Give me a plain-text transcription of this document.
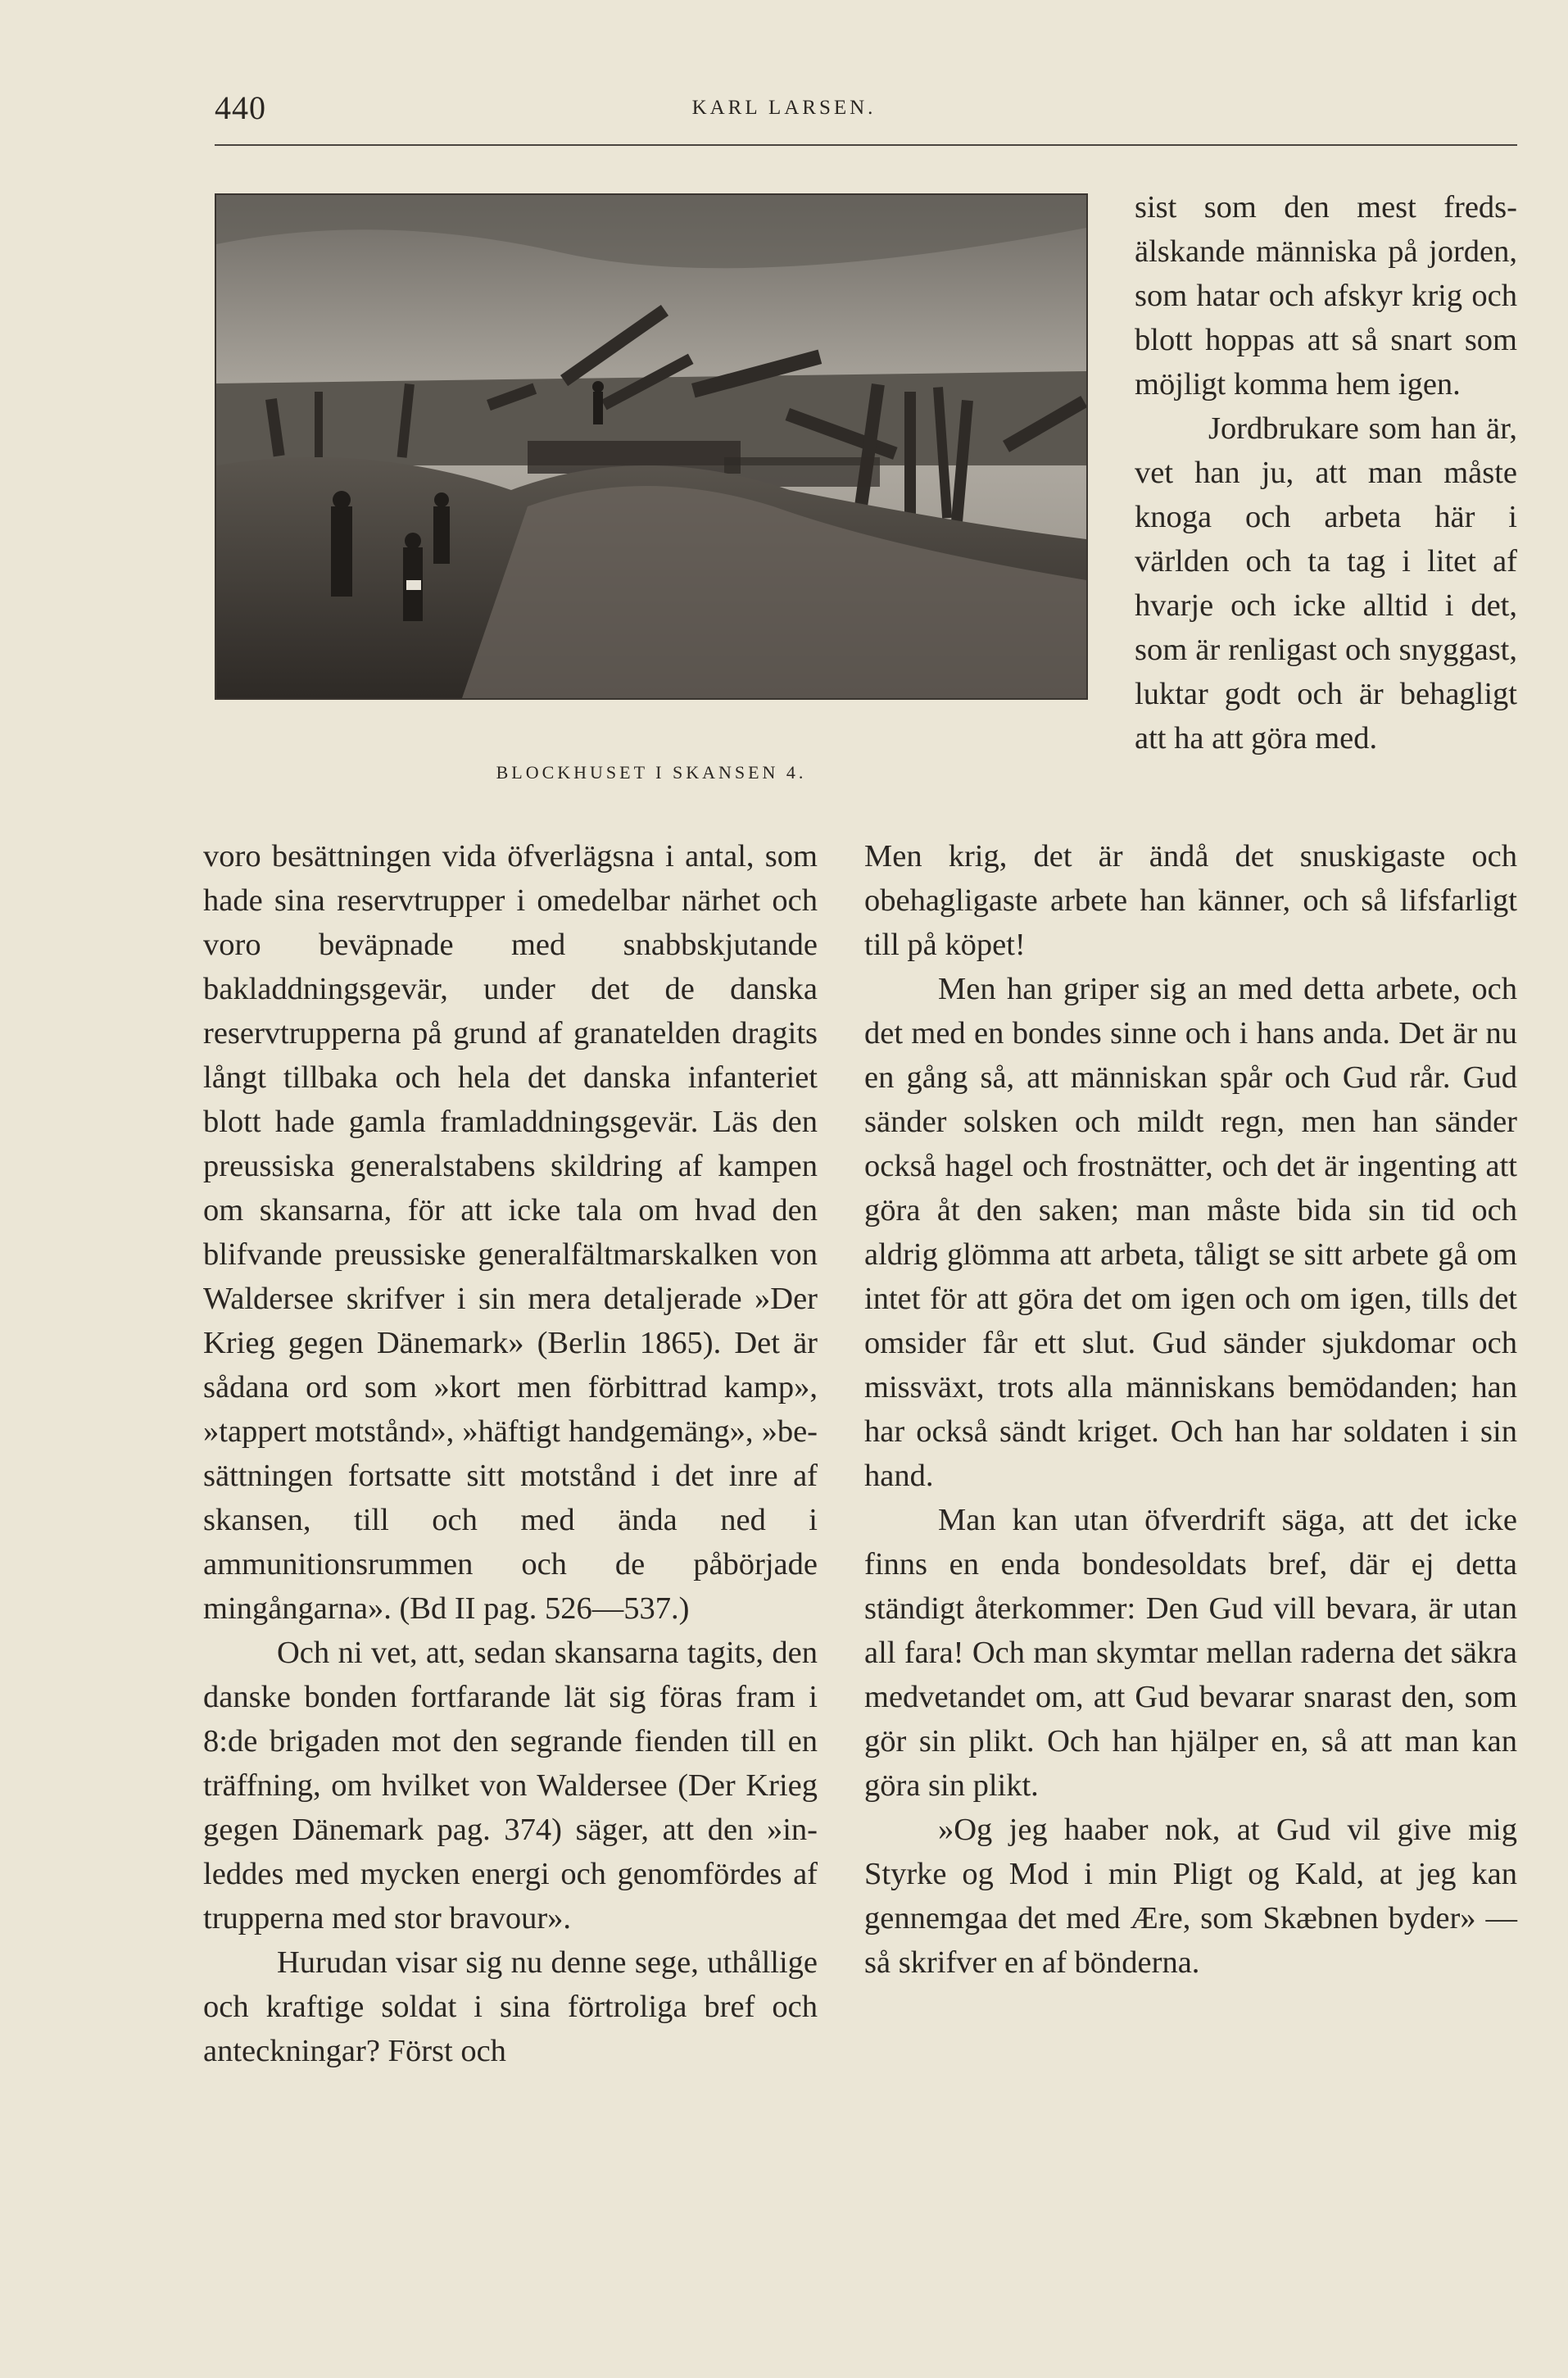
440	KARL LARSEN.
BLOCKHUSET I SKANSEN 4.

sist som den mest fredsälskande människa på jorden, som hatar och afskyr krig och blott hoppas att så snart som möjligt komma hem igen.

Jordbrukare som han är, vet han ju, att man måste knoga och arbeta här i världen och ta tag i litet af hvarje och icke alltid i det, som är renligast och snyggast, luktar godt och är behagligt att ha att göra med.

voro besättningen vida öfverlägsna i antal, som hade sina reservtrupper i omedelbar närhet och voro beväpnade med snabbskjutande bakladdningsgevär, under det de danska reservtrupperna på grund af granatelden dragits långt tillbaka och hela det danska infanteriet blott hade gamla framladdningsgevär. Läs den preussiska generalstabens skildring af kampen om skansarna, för att icke tala om hvad den blifvande preussiske generalfältmarskalken von Waldersee skrifver i sin mera detaljerade »Der Krieg gegen Dänemark» (Berlin 1865). Det är sådana ord som »kort men förbittrad kamp», »tappert motstånd», »häftigt handgemäng», »besättningen fortsatte sitt motstånd i det inre af skansen, till och med ända ned i ammunitionsrummen och de påbörjade mingångarna». (Bd II pag. 526—537.)

Och ni vet, att, sedan skansarna tagits, den danske bonden fortfarande lät sig föras fram i 8:de brigaden mot den segrande fienden till en träffning, om hvilket von Waldersee (Der Krieg gegen Dänemark pag. 374) säger, att den »inleddes med mycken energi och genomfördes af trupperna med stor bravour».

Hurudan visar sig nu denne sege, uthållige och kraftige soldat i sina förtroliga bref och anteckningar? Först och

Men krig, det är ändå det snuskigaste och obehagligaste arbete han känner, och så lifsfarligt till på köpet!

Men han griper sig an med detta arbete, och det med en bondes sinne och i hans anda. Det är nu en gång så, att människan spår och Gud rår. Gud sänder solsken och mildt regn, men han sänder också hagel och frostnätter, och det är ingenting att göra åt den saken; man måste bida sin tid och aldrig glömma att arbeta, tåligt se sitt arbete gå om intet för att göra det om igen och om igen, tills det omsider får ett slut. Gud sänder sjukdomar och missväxt, trots alla människans bemödanden; han har också sändt kriget. Och han har soldaten i sin hand.

Man kan utan öfverdrift säga, att det icke finns en enda bondesoldats bref, där ej detta ständigt återkommer: Den Gud vill bevara, är utan all fara! Och man skymtar mellan raderna det säkra medvetandet om, att Gud bevarar snarast den, som gör sin plikt. Och han hjälper en, så att man kan göra sin plikt.

»Og jeg haaber nok, at Gud vil give mig Styrke og Mod i min Pligt og Kald, at jeg kan gennemgaa det med Ære, som Skæbnen byder» — så skrifver en af bönderna.
